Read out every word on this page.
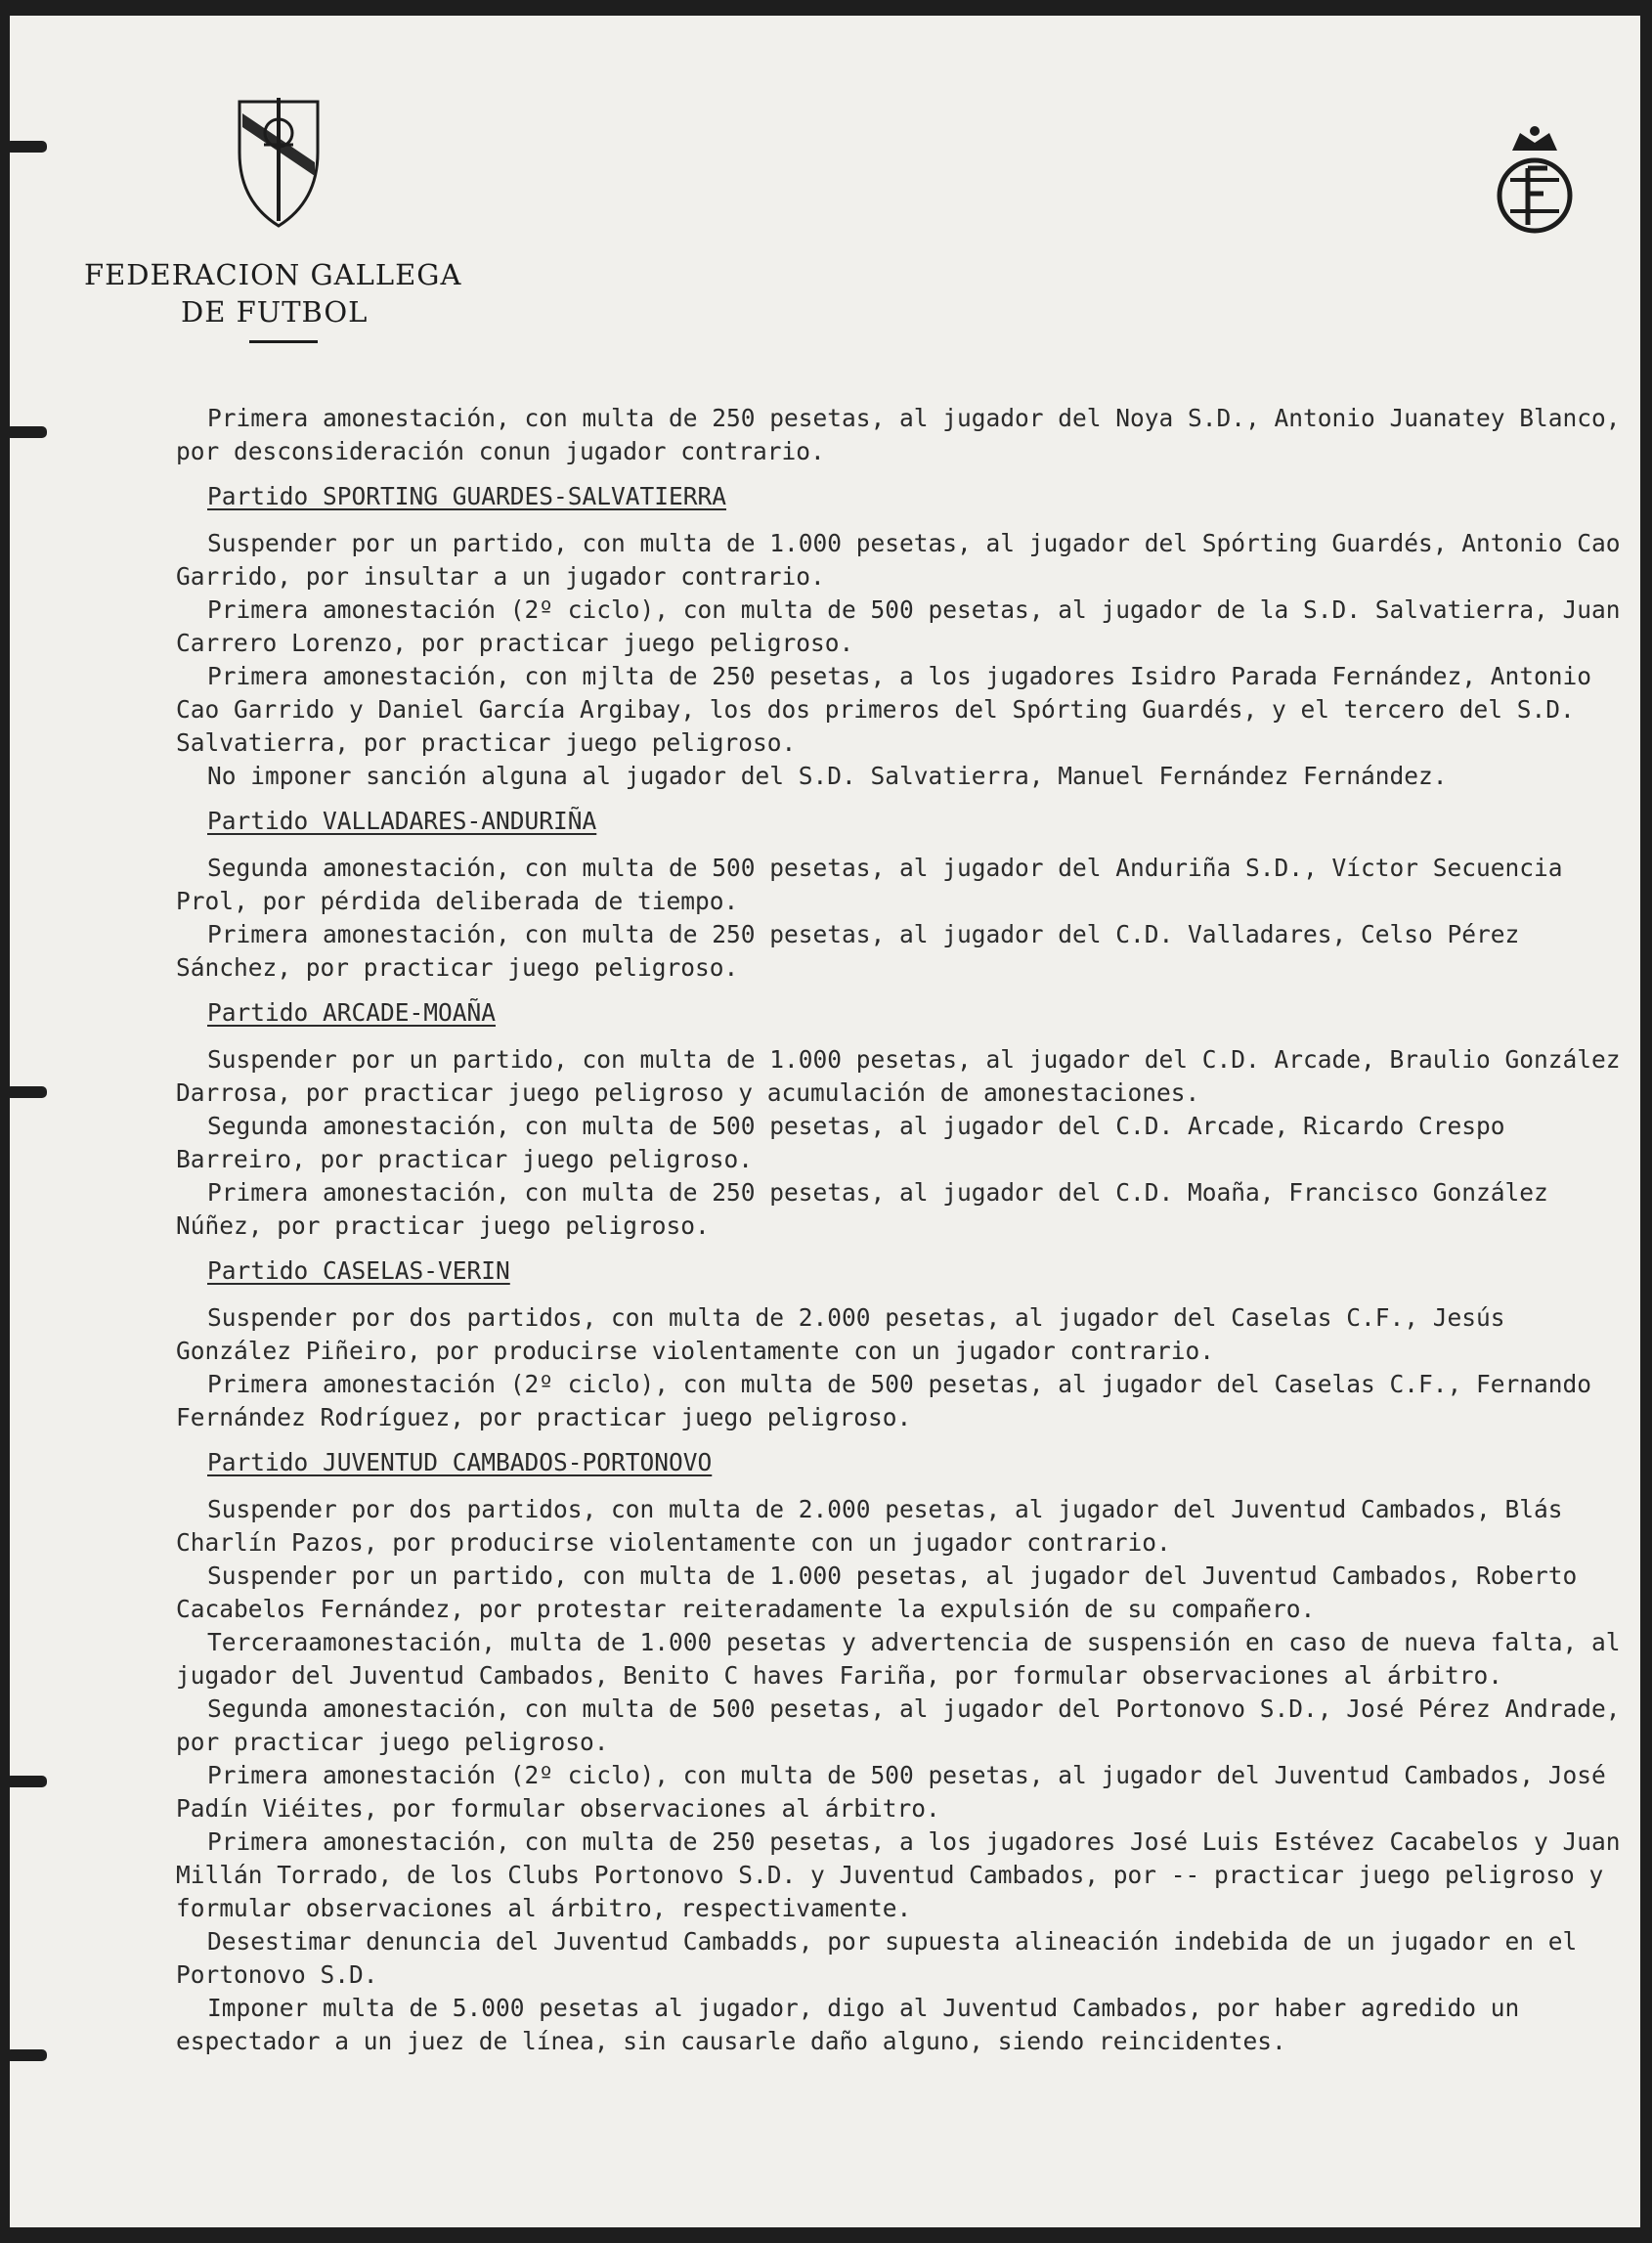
FEDERACION GALLEGA
DE FUTBOL

Primera amonestación, con multa de 250 pesetas, al jugador del Noya S.D., Antonio Juanatey Blanco, por desconsideración conun jugador contrario.

Partido SPORTING GUARDES-SALVATIERRA

Suspender por un partido, con multa de 1.000 pesetas, al jugador del Spórting Guardés, Antonio Cao Garrido, por insultar a un jugador contrario.

Primera amonestación (2º ciclo), con multa de 500 pesetas, al jugador de la S.D. Salvatierra, Juan Carrero Lorenzo, por practicar juego peligroso.

Primera amonestación, con mjlta de 250 pesetas, a los jugadores Isidro Parada Fernández, Antonio Cao Garrido y Daniel García Argibay, los dos primeros del Spórting Guardés, y el tercero del S.D. Salvatierra, por practicar juego peligroso.

No imponer sanción alguna al jugador del S.D. Salvatierra, Manuel Fernández Fernández.

Partido VALLADARES-ANDURIÑA

Segunda amonestación, con multa de 500 pesetas, al jugador del Anduriña S.D., Víctor Secuencia Prol, por pérdida deliberada de tiempo.

Primera amonestación, con multa de 250 pesetas, al jugador del C.D. Valladares, Celso Pérez Sánchez, por practicar juego peligroso.

Partido ARCADE-MOAÑA

Suspender por un partido, con multa de 1.000 pesetas, al jugador del C.D. Arcade, Braulio González Darrosa, por practicar juego peligroso y acumulación de amonestaciones.

Segunda amonestación, con multa de 500 pesetas, al jugador del C.D. Arcade, Ricardo Crespo Barreiro, por practicar juego peligroso.

Primera amonestación, con multa de 250 pesetas, al jugador del C.D. Moaña, Francisco González Núñez, por practicar juego peligroso.

Partido CASELAS-VERIN

Suspender por dos partidos, con multa de 2.000 pesetas, al jugador del Caselas C.F., Jesús González Piñeiro, por producirse violentamente con un jugador contrario.

Primera amonestación (2º ciclo), con multa de 500 pesetas, al jugador del Caselas C.F., Fernando Fernández Rodríguez, por practicar juego peligroso.

Partido JUVENTUD CAMBADOS-PORTONOVO

Suspender por dos partidos, con multa de 2.000 pesetas, al jugador del Juventud Cambados, Blás Charlín Pazos, por producirse violentamente con un jugador contrario.

Suspender por un partido, con multa de 1.000 pesetas, al jugador del Juventud Cambados, Roberto Cacabelos Fernández, por protestar reiteradamente la expulsión de su compañero.

Terceraamonestación, multa de 1.000 pesetas y advertencia de suspensión en caso de nueva falta, al jugador del Juventud Cambados, Benito C haves Fariña, por formular observaciones al árbitro.

Segunda amonestación, con multa de 500 pesetas, al jugador del Portonovo S.D., José Pérez Andrade, por practicar juego peligroso.

Primera amonestación (2º ciclo), con multa de 500 pesetas, al jugador del Juventud Cambados, José Padín Viéites, por formular observaciones al árbitro.

Primera amonestación, con multa de 250 pesetas, a los jugadores José Luis Estévez Cacabelos y Juan Millán Torrado, de los Clubs Portonovo S.D. y Juventud Cambados, por -- practicar juego peligroso y formular observaciones al árbitro, respectivamente.

Desestimar denuncia del Juventud Cambadds, por supuesta alineación indebida de un jugador en el Portonovo S.D.

Imponer multa de 5.000 pesetas al jugador, digo al Juventud Cambados, por haber agredido un espectador a un juez de línea, sin causarle daño alguno, siendo reincidentes.
